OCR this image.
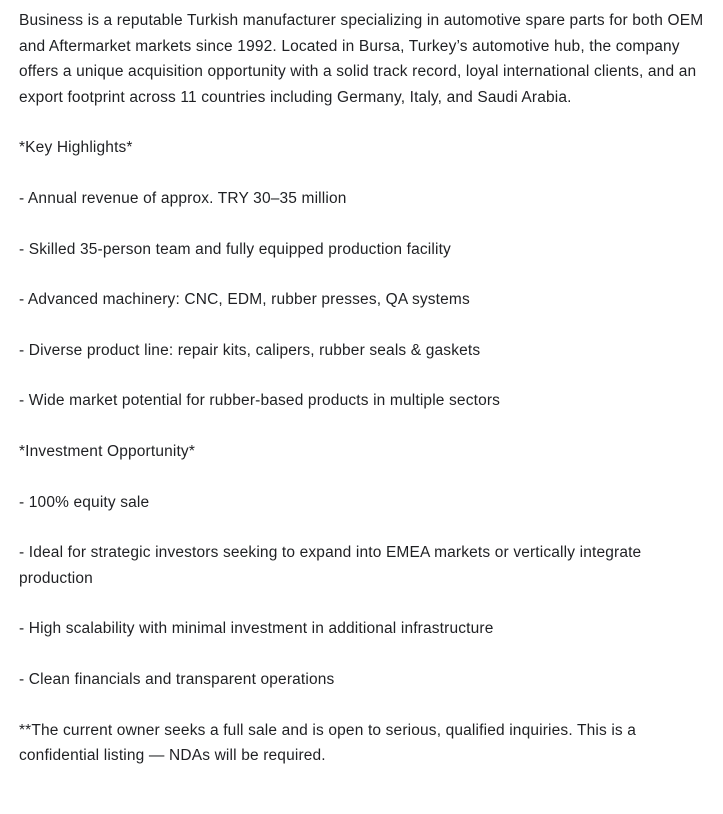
Business is a reputable Turkish manufacturer specializing in automotive spare parts for both OEM and Aftermarket markets since 1992. Located in Bursa, Turkey’s automotive hub, the company offers a unique acquisition opportunity with a solid track record, loyal international clients, and an export footprint across 11 countries including Germany, Italy, and Saudi Arabia.

*Key Highlights*

- Annual revenue of approx. TRY 30–35 million

- Skilled 35-person team and fully equipped production facility

- Advanced machinery: CNC, EDM, rubber presses, QA systems

- Diverse product line: repair kits, calipers, rubber seals & gaskets

- Wide market potential for rubber-based products in multiple sectors

*Investment Opportunity*

- 100% equity sale

- Ideal for strategic investors seeking to expand into EMEA markets or vertically integrate production

- High scalability with minimal investment in additional infrastructure

- Clean financials and transparent operations

**The current owner seeks a full sale and is open to serious, qualified inquiries. This is a confidential listing — NDAs will be required.
